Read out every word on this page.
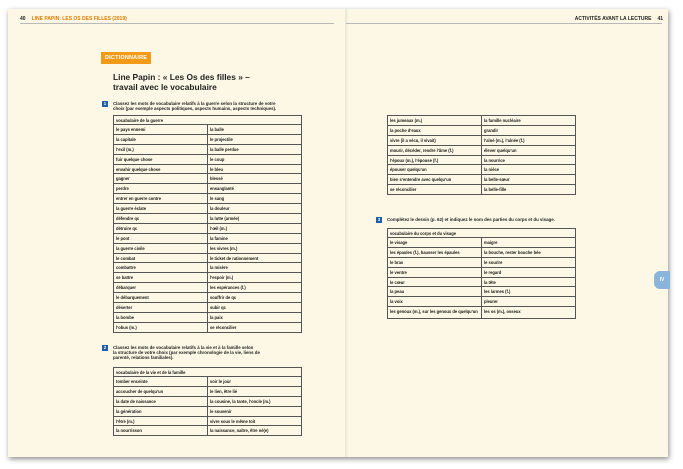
40 LINE PAPIN: LES OS DES FILLES (2019)	ACTIVITÉS AVANT LA LECTURE 41
DICTIONNAIRE
Line Papin : « Les Os des filles » –
travail avec le vocabulaire
1	Classez les mots de vocabulaire relatifs à la guerre selon la structure de votre
choix (par exemple aspects politiques, aspects humains, aspects techniques).
vocabulaire de la guerre	
le pays ennemi	la balle
la capitale	le projectile
l’exil (m.)	la balle perdue
fuir quelque chose	le coup
envahir quelque chose	le bleu
gagner	blessé
perdre	ensanglanté
entrer en guerre contre	le sang
la guerre éclate	la douleur
défendre qc	la lutte (armée)
détruire qc	l’œil (m.)
le pont	la famine
la guerre civile	les vivres (m.)
le combat	le ticket de rationnement
combattre	la misère
se battre	l’espoir (m.)
débarquer	les espérances (f.)
le débarquement	souffrir de qc
déserter	subir qc
la bombe	la paix
l’obus (m.)	se réconcilier
2	Classez les mots de vocabulaire relatifs à la vie et à la famille selon
la structure de votre choix (par exemple chronologie de la vie, liens de
parenté, relations familiales).
vocabulaire de la vie et de la famille	
tomber enceinte	voir le jour
accoucher de quelqu’un	le lien, être lié
la date de naissance	la cousine, la tante, l’oncle (m.)
la génération	le souvenir
l’être (m.)	vivre sous le même toit
la nourrisson	la naissance, naître, être né(e)
les jumeaux (m.)	la famille nucléaire
la poche d’eaux	grandir
vivre (il a vécu, il vivait)	l’aîné (m.), l’aînée (f.)
mourir, décéder, rendre l’âme (f.)	élever quelqu’un
l’époux (m.), l’épouse (f.)	la nourrice
épouser quelqu’un	la nièce
bien s’entendre avec quelqu’un	la belle-sœur
se réconcilier	la belle-fille
3	Complétez le dessin (p. 62) et indiquez le nom des parties du corps et du visage.
vocabulaire du corps et du visage	
le visage	maigre
les épaules (f.), hausser les épaules	la bouche, rester bouche bée
le bras	le sourire
le ventre	le regard
le cœur	la tête
la peau	les larmes (f.)
la voix	pleurer
les genoux (m.), sur les genoux de quelqu’un	les os (m.), osseux
IV
